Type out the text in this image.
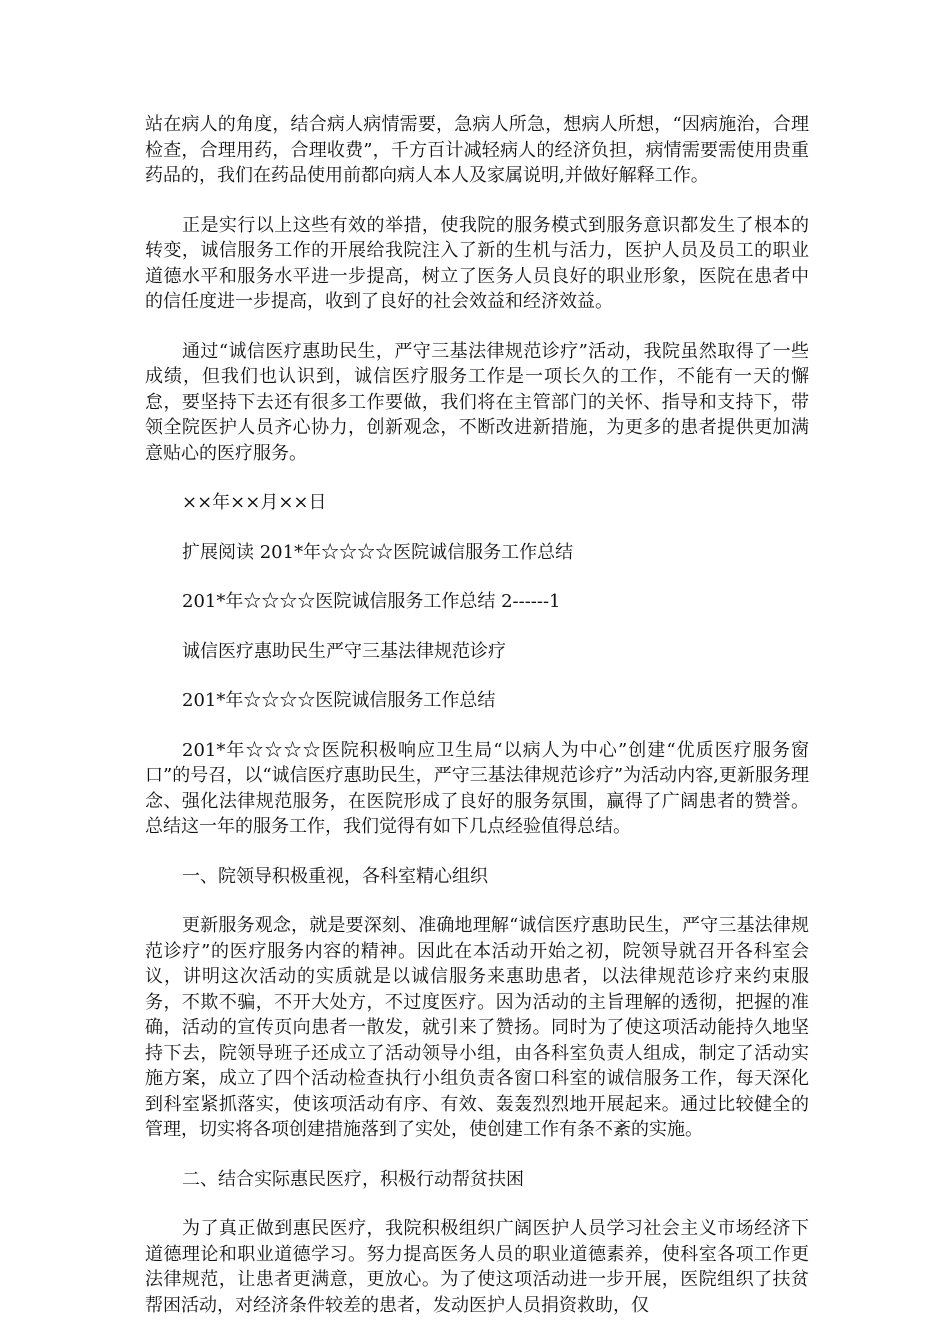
站在病人的角度，结合病人病情需要，急病人所急，想病人所想，“因病施治，合理检查，合理用药，合理收费”，千方百计减轻病人的经济负担，病情需要需使用贵重药品的，我们在药品使用前都向病人本人及家属说明,并做好解释工作。

正是实行以上这些有效的举措，使我院的服务模式到服务意识都发生了根本的转变，诚信服务工作的开展给我院注入了新的生机与活力，医护人员及员工的职业道德水平和服务水平进一步提高，树立了医务人员良好的职业形象，医院在患者中的信任度进一步提高，收到了良好的社会效益和经济效益。

通过“诚信医疗惠助民生，严守三基法律规范诊疗”活动，我院虽然取得了一些成绩，但我们也认识到，诚信医疗服务工作是一项长久的工作，不能有一天的懈怠，要坚持下去还有很多工作要做，我们将在主管部门的关怀、指导和支持下，带领全院医护人员齐心协力，创新观念，不断改进新措施，为更多的患者提供更加满意贴心的医疗服务。

××年××月××日

扩展阅读 201*年☆☆☆☆医院诚信服务工作总结

201*年☆☆☆☆医院诚信服务工作总结 2------1

诚信医疗惠助民生严守三基法律规范诊疗

201*年☆☆☆☆医院诚信服务工作总结

201*年☆☆☆☆医院积极响应卫生局“以病人为中心”创建“优质医疗服务窗口”的号召，以“诚信医疗惠助民生，严守三基法律规范诊疗”为活动内容,更新服务理念、强化法律规范服务，在医院形成了良好的服务氛围，赢得了广阔患者的赞誉。总结这一年的服务工作，我们觉得有如下几点经验值得总结。

一、院领导积极重视，各科室精心组织

更新服务观念，就是要深刻、准确地理解“诚信医疗惠助民生，严守三基法律规范诊疗”的医疗服务内容的精神。因此在本活动开始之初，院领导就召开各科室会议，讲明这次活动的实质就是以诚信服务来惠助患者，以法律规范诊疗来约束服务，不欺不骗，不开大处方，不过度医疗。因为活动的主旨理解的透彻，把握的准确，活动的宣传页向患者一散发，就引来了赞扬。同时为了使这项活动能持久地坚持下去，院领导班子还成立了活动领导小组，由各科室负责人组成，制定了活动实施方案，成立了四个活动检查执行小组负责各窗口科室的诚信服务工作，每天深化到科室紧抓落实，使该项活动有序、有效、轰轰烈烈地开展起来。通过比较健全的管理，切实将各项创建措施落到了实处，使创建工作有条不紊的实施。

二、结合实际惠民医疗，积极行动帮贫扶困

为了真正做到惠民医疗，我院积极组织广阔医护人员学习社会主义市场经济下道德理论和职业道德学习。努力提高医务人员的职业道德素养，使科室各项工作更法律规范，让患者更满意，更放心。为了使这项活动进一步开展，医院组织了扶贫帮困活动，对经济条件较差的患者，发动医护人员捐资救助，仅
